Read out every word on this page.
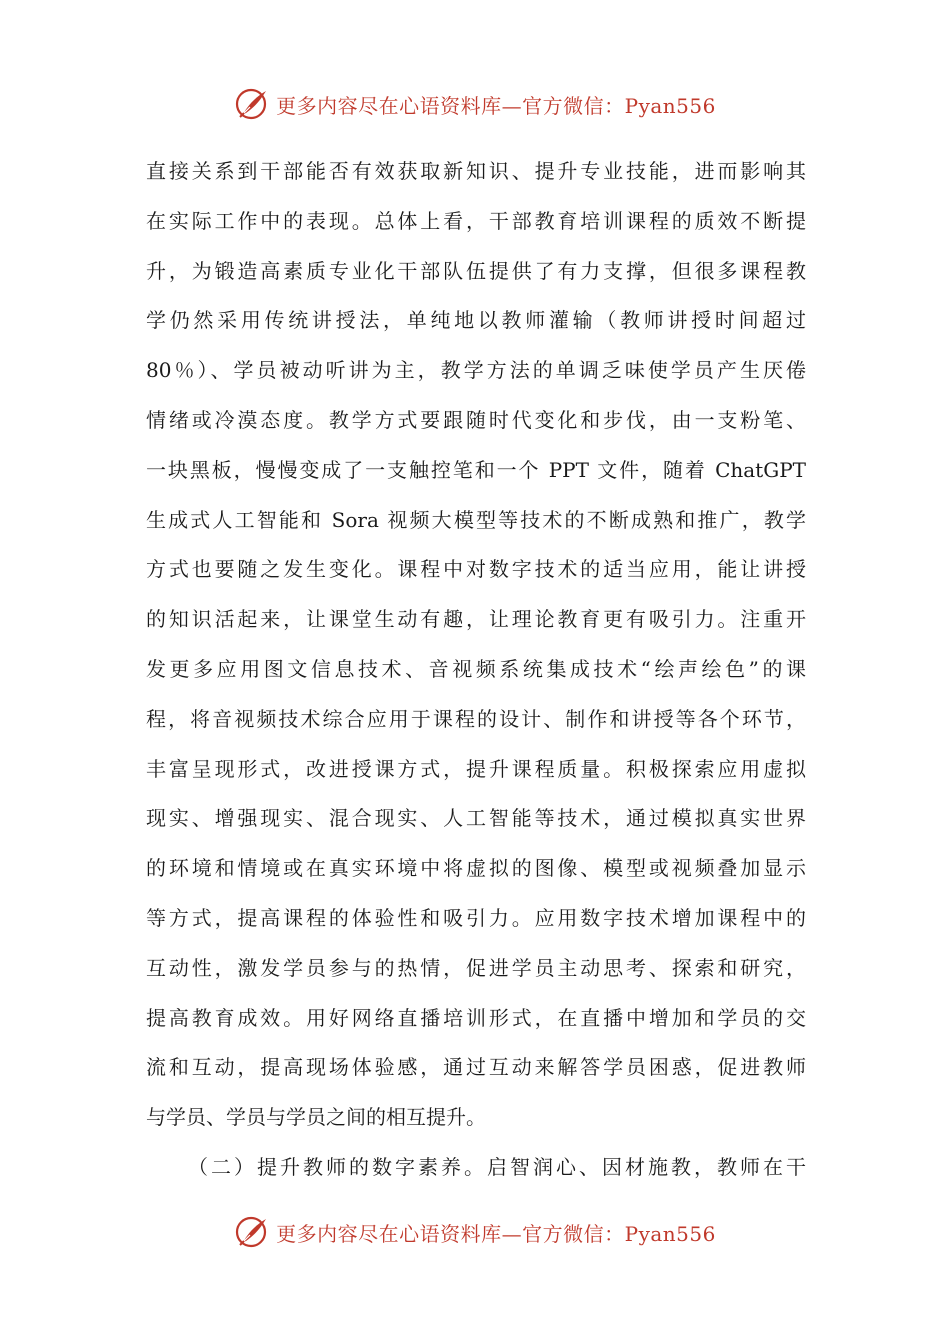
更多内容尽在心语资料库—官方微信：Pyan556
直接关系到干部能否有效获取新知识、提升专业技能，进而影响其
在实际工作中的表现。总体上看，干部教育培训课程的质效不断提
升，为锻造高素质专业化干部队伍提供了有力支撑，但很多课程教
学仍然采用传统讲授法，单纯地以教师灌输（教师讲授时间超过
80％）、学员被动听讲为主，教学方法的单调乏味使学员产生厌倦
情绪或冷漠态度。教学方式要跟随时代变化和步伐，由一支粉笔、
一块黑板，慢慢变成了一支触控笔和一个 PPT 文件，随着 ChatGPT
生成式人工智能和 Sora 视频大模型等技术的不断成熟和推广，教学
方式也要随之发生变化。课程中对数字技术的适当应用，能让讲授
的知识活起来，让课堂生动有趣，让理论教育更有吸引力。注重开
发更多应用图文信息技术、音视频系统集成技术“绘声绘色”的课
程，将音视频技术综合应用于课程的设计、制作和讲授等各个环节，
丰富呈现形式，改进授课方式，提升课程质量。积极探索应用虚拟
现实、增强现实、混合现实、人工智能等技术，通过模拟真实世界
的环境和情境或在真实环境中将虚拟的图像、模型或视频叠加显示
等方式，提高课程的体验性和吸引力。应用数字技术增加课程中的
互动性，激发学员参与的热情，促进学员主动思考、探索和研究，
提高教育成效。用好网络直播培训形式，在直播中增加和学员的交
流和互动，提高现场体验感，通过互动来解答学员困惑，促进教师
与学员、学员与学员之间的相互提升。
（二）提升教师的数字素养。启智润心、因材施教，教师在干
更多内容尽在心语资料库—官方微信：Pyan556
